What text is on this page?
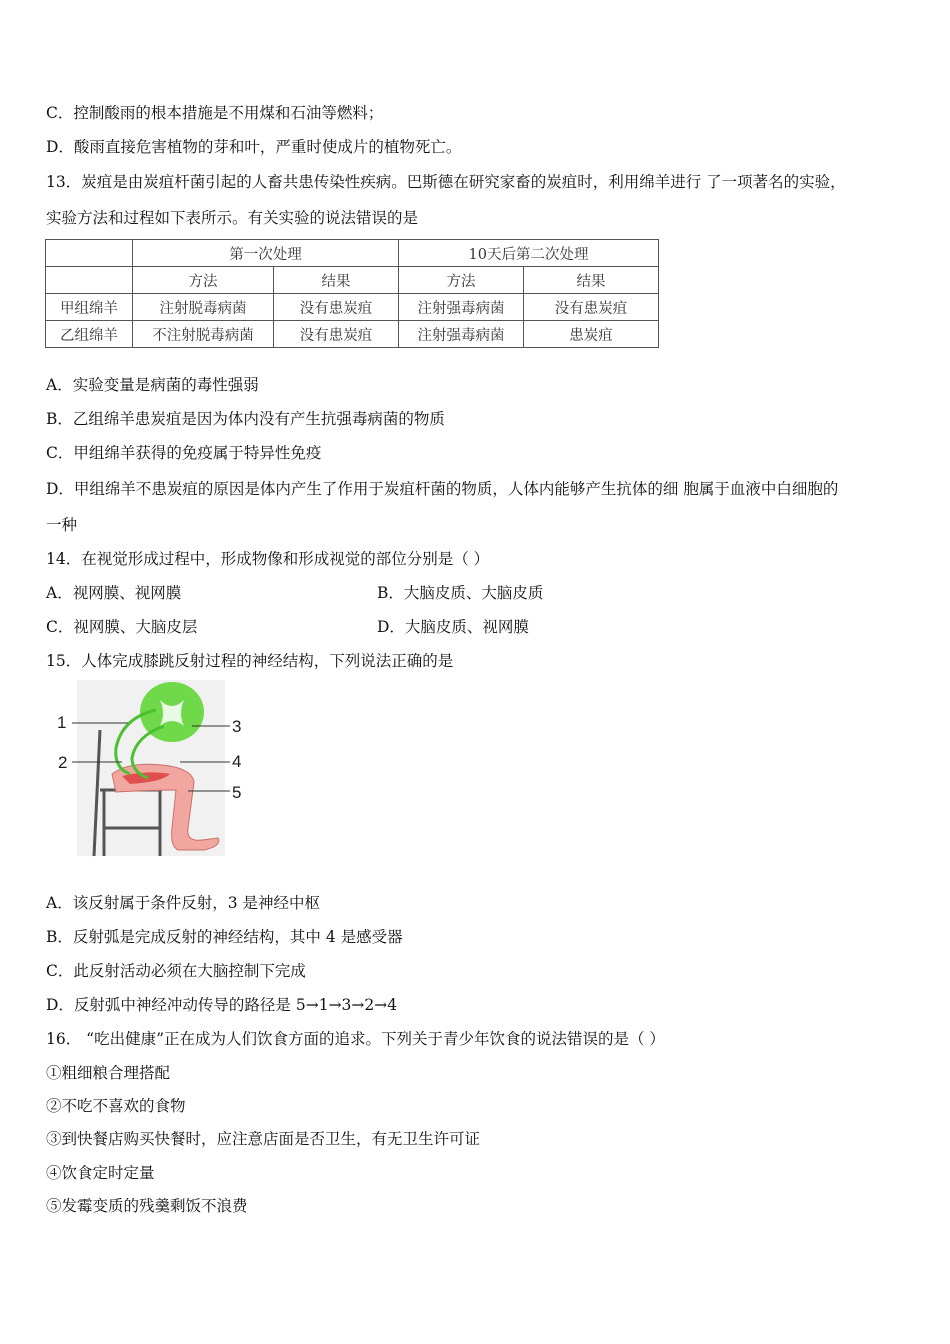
C．控制酸雨的根本措施是不用煤和石油等燃料；
D．酸雨直接危害植物的芽和叶，严重时使成片的植物死亡。
13．炭疽是由炭疽杆菌引起的人畜共患传染性疾病。巴斯德在研究家畜的炭疽时，利用绵羊进行 了一项著名的实验，
实验方法和过程如下表所示。有关实验的说法错误的是
	第一次处理		10天后第二次处理	
	方法	结果	方法	结果
甲组绵羊	注射脱毒病菌	没有患炭疽	注射强毒病菌	没有患炭疽
乙组绵羊	不注射脱毒病菌	没有患炭疽	注射强毒病菌	患炭疽
A．实验变量是病菌的毒性强弱
B．乙组绵羊患炭疽是因为体内没有产生抗强毒病菌的物质
C．甲组绵羊获得的免疫属于特异性免疫
D．甲组绵羊不患炭疽的原因是体内产生了作用于炭疽杆菌的物质，人体内能够产生抗体的细 胞属于血液中白细胞的
一种
14．在视觉形成过程中，形成物像和形成视觉的部位分别是（ ）
A．视网膜、视网膜	B．大脑皮质、大脑皮质
C．视网膜、大脑皮层	D．大脑皮质、视网膜
15．人体完成膝跳反射过程的神经结构，下列说法正确的是
1
2
3
4
5
A．该反射属于条件反射，3 是神经中枢
B．反射弧是完成反射的神经结构，其中 4 是感受器
C．此反射活动必须在大脑控制下完成
D．反射弧中神经冲动传导的路径是 5→1→3→2→4
16． “吃出健康”正在成为人们饮食方面的追求。下列关于青少年饮食的说法错误的是（ ）
①粗细粮合理搭配
②不吃不喜欢的食物
③到快餐店购买快餐时，应注意店面是否卫生，有无卫生许可证
④饮食定时定量
⑤发霉变质的残羹剩饭不浪费
